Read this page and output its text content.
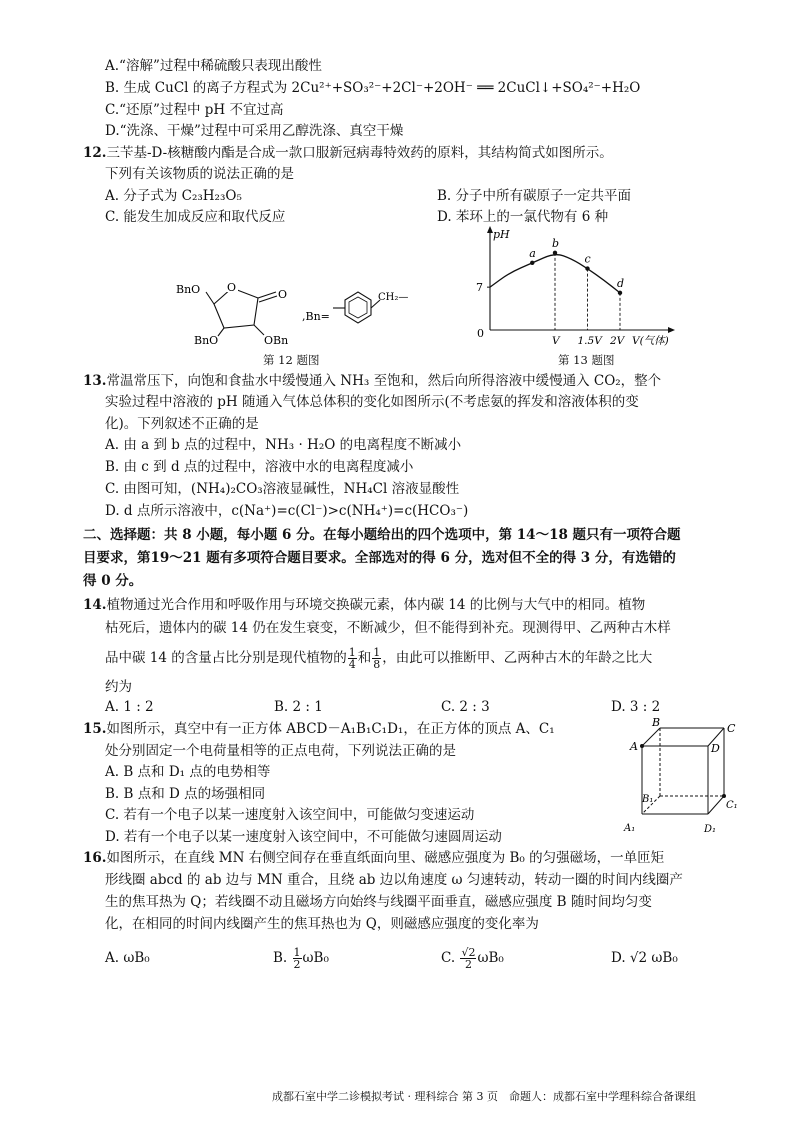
A.“溶解”过程中稀硫酸只表现出酸性
B. 生成 CuCl 的离子方程式为 2Cu²⁺+SO₃²⁻+2Cl⁻+2OH⁻ ══ 2CuCl↓+SO₄²⁻+H₂O
C.“还原”过程中 pH 不宜过高
D.“洗涤、干燥”过程中可采用乙醇洗涤、真空干燥
12.三苄基-D-核糖酸内酯是合成一款口服新冠病毒特效药的原料，其结构简式如图所示。
下列有关该物质的说法正确的是
A. 分子式为 C₂₃H₂₃O₅	B. 分子中所有碳原子一定共平面
C. 能发生加成反应和取代反应	D. 苯环上的一氯代物有 6 种
O
O
BnO
BnO	OBn
,Bn=
CH₂—
第 12 题图
pH
0
7
a
b
c
d
V 1.5V 2V V(气体)
第 13 题图
13.常温常压下，向饱和食盐水中缓慢通入 NH₃ 至饱和，然后向所得溶液中缓慢通入 CO₂，整个
实验过程中溶液的 pH 随通入气体总体积的变化如图所示(不考虑氨的挥发和溶液体积的变
化)。下列叙述不正确的是
A. 由 a 到 b 点的过程中，NH₃ · H₂O 的电离程度不断减小
B. 由 c 到 d 点的过程中，溶液中水的电离程度减小
C. 由图可知，(NH₄)₂CO₃溶液显碱性，NH₄Cl 溶液显酸性
D. d 点所示溶液中，c(Na⁺)=c(Cl⁻)>c(NH₄⁺)=c(HCO₃⁻)
二、选择题：共 8 小题，每小题 6 分。在每小题给出的四个选项中，第 14～18 题只有一项符合题
目要求，第19～21 题有多项符合题目要求。全部选对的得 6 分，选对但不全的得 3 分，有选错的
得 0 分。
14.植物通过光合作用和呼吸作用与环境交换碳元素，体内碳 14 的比例与大气中的相同。植物
枯死后，遗体内的碳 14 仍在发生衰变，不断减少，但不能得到补充。现测得甲、乙两种古木样
品中碳 14 的含量占比分别是现代植物的 $\frac{1}{4}$ 和 $\frac{1}{8}$ ，由此可以推断甲、乙两种古木的年龄之比大
约为
A. 1 : 2	B. 2 : 1	C. 2 : 3	D. 3 : 2
15.如图所示，真空中有一正方体 ABCD－A₁B₁C₁D₁，在正方体的顶点 A、C₁
处分别固定一个电荷量相等的正点电荷，下列说法正确的是
A. B 点和 D₁ 点的电势相等
B. B 点和 D 点的场强相同
C. 若有一个电子以某一速度射入该空间中，可能做匀变速运动
D. 若有一个电子以某一速度射入该空间中，不可能做匀速圆周运动
A
B	C
D
A₁
B₁
C₁
D₁
16.如图所示，在直线 MN 右侧空间存在垂直纸面向里、磁感应强度为 B₀ 的匀强磁场，一单匝矩
形线圈 abcd 的 ab 边与 MN 重合，且绕 ab 边以角速度 ω 匀速转动，转动一圈的时间内线圈产
生的焦耳热为 Q；若线圈不动且磁场方向始终与线圈平面垂直，磁感应强度 B 随时间均匀变
化，在相同的时间内线圈产生的焦耳热也为 Q，则磁感应强度的变化率为
A. ωB₀	B. $\frac{1}{2} \omega B_0$	C. $\frac{√2}{2} \omega B_0$	D. √2 ωB₀
成都石室中学二诊模拟考试 · 理科综合 第 3 页　命题人：成都石室中学理科综合备课组
